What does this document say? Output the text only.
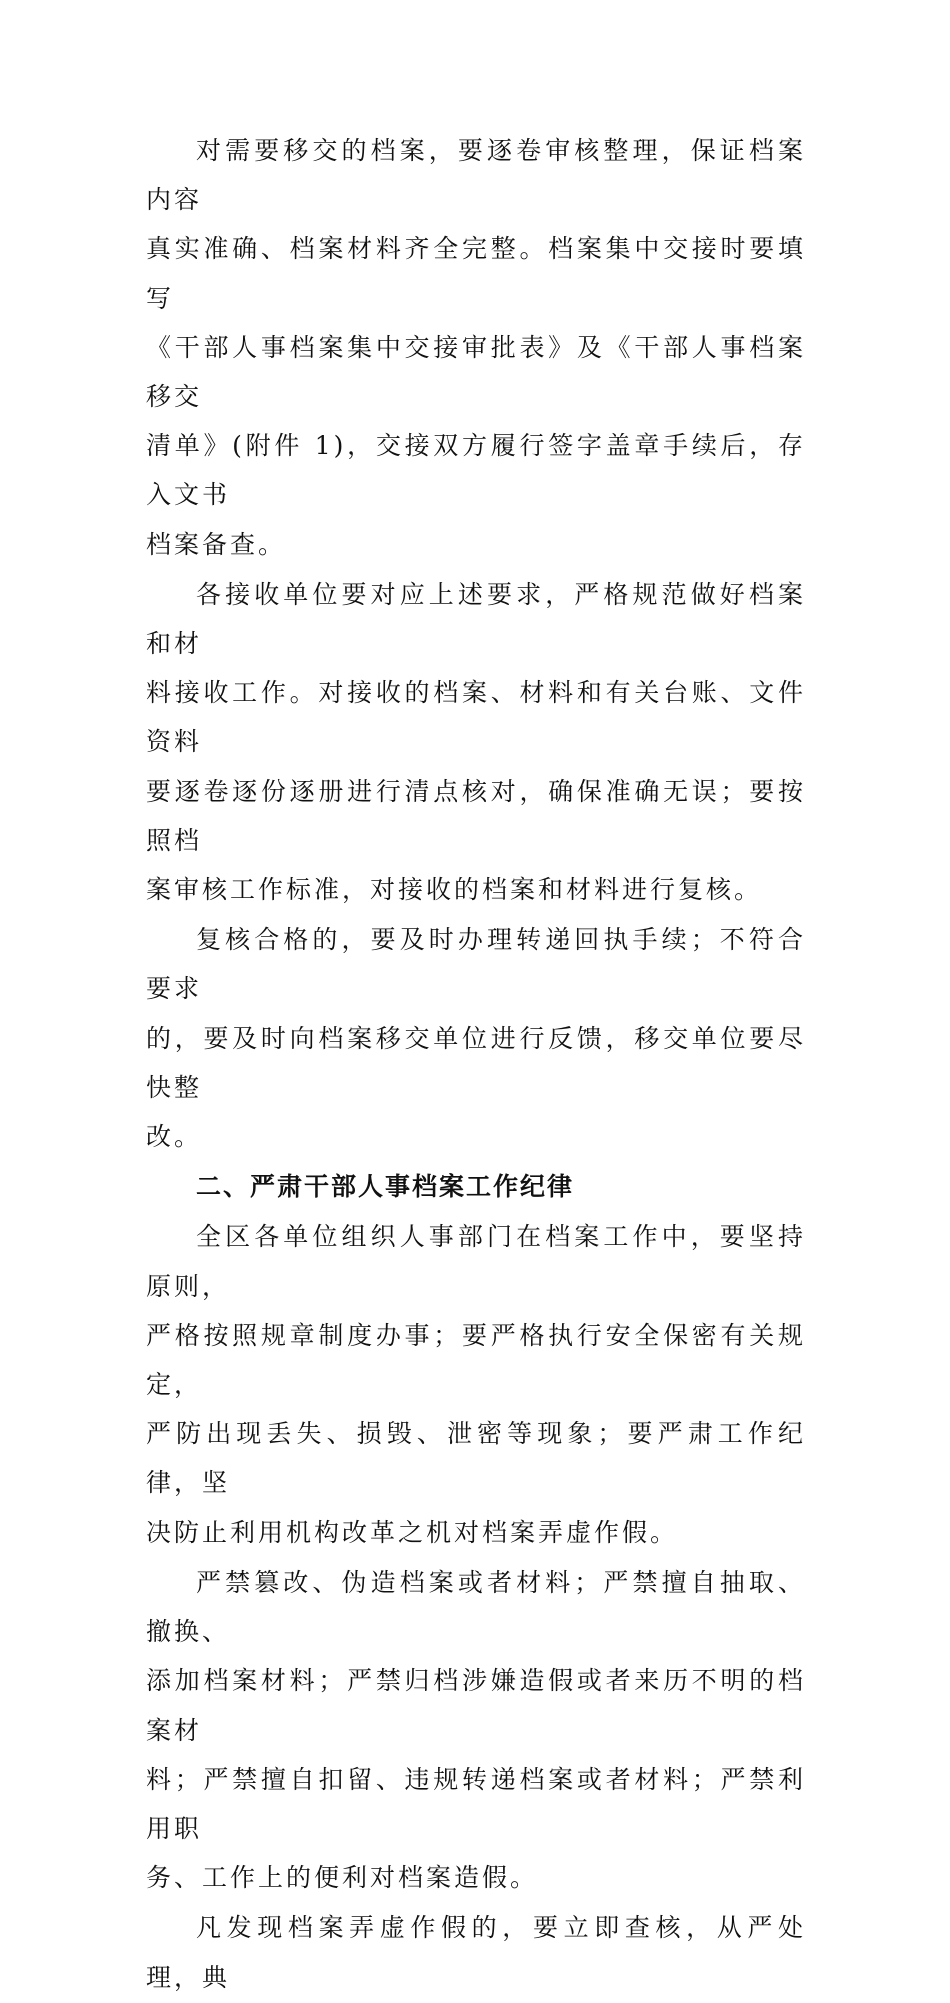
对需要移交的档案，要逐卷审核整理，保证档案内容
真实准确、档案材料齐全完整。档案集中交接时要填写
《干部人事档案集中交接审批表》及《干部人事档案移交
清单》(附件 1)，交接双方履行签字盖章手续后，存入文书
档案备查。

各接收单位要对应上述要求，严格规范做好档案和材
料接收工作。对接收的档案、材料和有关台账、文件资料
要逐卷逐份逐册进行清点核对，确保准确无误；要按照档
案审核工作标准，对接收的档案和材料进行复核。

复核合格的，要及时办理转递回执手续；不符合要求
的，要及时向档案移交单位进行反馈，移交单位要尽快整
改。

二、严肃干部人事档案工作纪律

全区各单位组织人事部门在档案工作中，要坚持原则，
严格按照规章制度办事；要严格执行安全保密有关规定，
严防出现丢失、损毁、泄密等现象；要严肃工作纪律，坚
决防止利用机构改革之机对档案弄虚作假。

严禁篡改、伪造档案或者材料；严禁擅自抽取、撤换、
添加档案材料；严禁归档涉嫌造假或者来历不明的档案材
料；严禁擅自扣留、违规转递档案或者材料；严禁利用职
务、工作上的便利对档案造假。

凡发现档案弄虚作假的，要立即查核，从严处理，典
